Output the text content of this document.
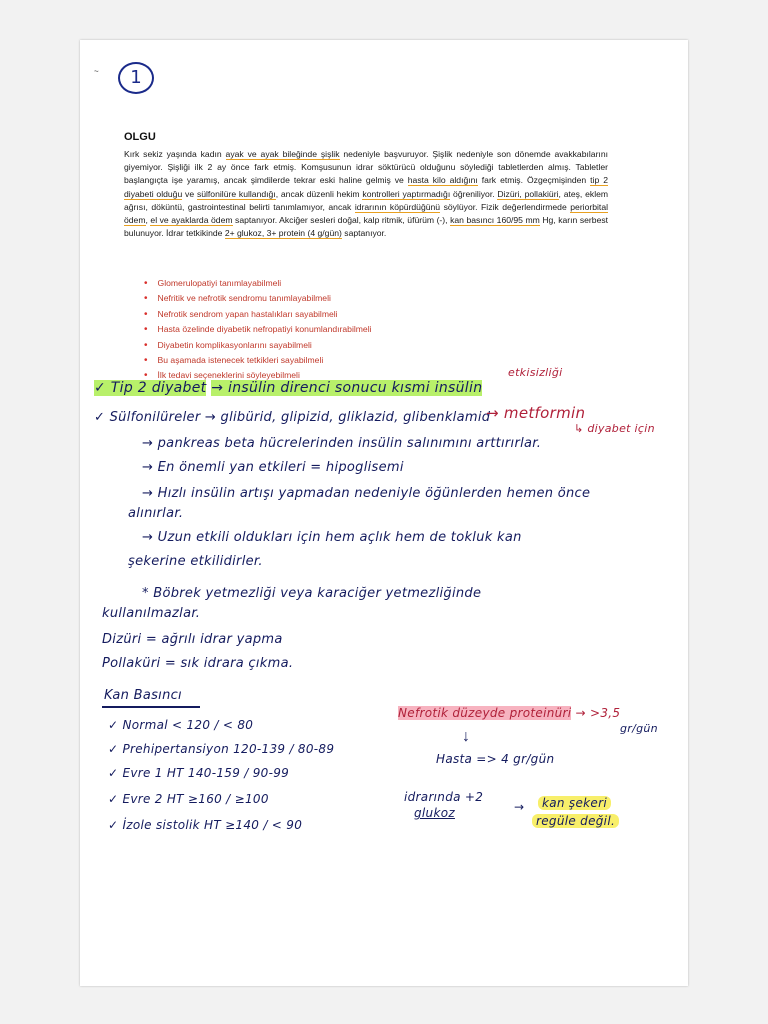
~	1
OLGU
Kırk sekiz yaşında kadın ayak ve ayak bileğinde şişlik nedeniyle başvuruyor. Şişlik nedeniyle son dönemde avakkabılarını giyemiyor. Şişliği ilk 2 ay önce fark etmiş. Komşusunun idrar söktürücü olduğunu söylediği tabletlerden almış. Tabletler başlangıçta işe yaramış, ancak şimdilerde tekrar eski haline gelmiş ve hasta kilo aldığını fark etmiş. Özgeçmişinden tip 2 diyabeti olduğu ve sülfonilüre kullandığı, ancak düzenli hekim kontrolleri yaptırmadığı öğreniliyor. Dizüri, pollakiüri, ateş, eklem ağrısı, döküntü, gastrointestinal belirti tanımlamıyor, ancak idrarının köpürdüğünü söylüyor. Fizik değerlendirmede periorbital ödem, el ve ayaklarda ödem saptanıyor. Akciğer sesleri doğal, kalp ritmik, üfürüm (-), kan basıncı 160/95 mm Hg, karın serbest bulunuyor. İdrar tetkikinde 2+ glukoz, 3+ protein (4 g/gün) saptanıyor.
• Glomerulopatiyi tanımlayabilmeli
• Nefritik ve nefrotik sendromu tanımlayabilmeli
• Nefrotik sendrom yapan hastalıkları sayabilmeli
• Hasta özelinde diyabetik nefropatiyi konumlandırabilmeli
• Diyabetin komplikasyonlarını sayabilmeli
• Bu aşamada istenecek tetkikleri sayabilmeli
• İlk tedavi seçeneklerini söyleyebilmeli
✓ Tip 2 diyabet → insülin direnci sonucu kısmi insülin
etkisizliği
✓ Sülfonilüreler → glibürid, glipizid, gliklazid, glibenklamid
→ metformin
↳ diyabet için
→ pankreas beta hücrelerinden insülin salınımını arttırırlar.
→ En önemli yan etkileri = hipoglisemi
→ Hızlı insülin artışı yapmadan nedeniyle öğünlerden hemen önce
alınırlar.
→ Uzun etkili oldukları için hem açlık hem de tokluk kan
şekerine etkilidirler.
* Böbrek yetmezliği veya karaciğer yetmezliğinde
kullanılmazlar.
Dizüri = ağrılı idrar yapma
Pollaküri = sık idrara çıkma.
Kan Basıncı
✓ Normal < 120 / < 80
✓ Prehipertansiyon 120-139 / 80-89
✓ Evre 1 HT 140-159 / 90-99
✓ Evre 2 HT ≥160 / ≥100
✓ İzole sistolik HT ≥140 / < 90
Nefrotik düzeyde proteinüri → >3,5
gr/gün
↓
Hasta => 4 gr/gün
idrarında +2
glukoz	→	kan şekeri
regüle değil.
